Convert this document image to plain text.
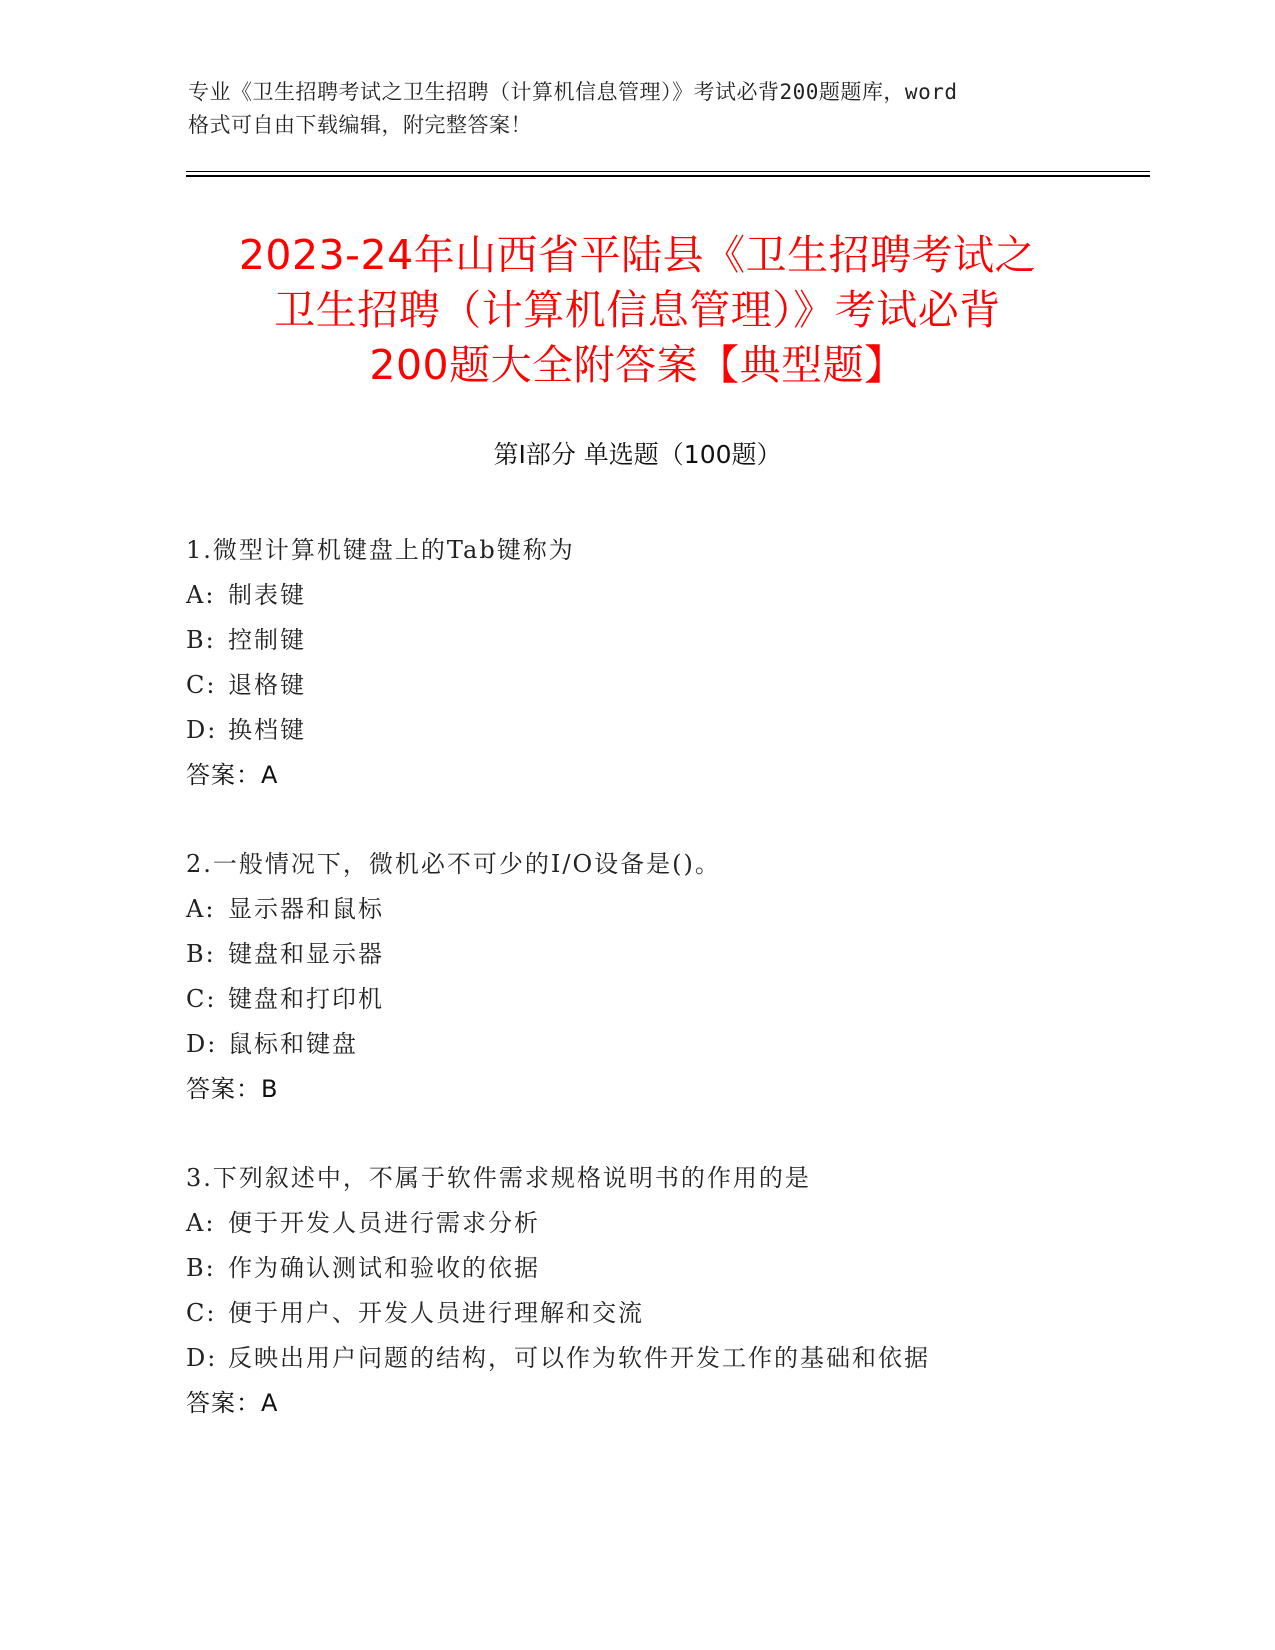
专业《卫生招聘考试之卫生招聘（计算机信息管理）》考试必背200题题库，word
格式可自由下载编辑，附完整答案！
2023-24年山西省平陆县《卫生招聘考试之
卫生招聘（计算机信息管理）》考试必背
200题大全附答案【典型题】
第Ⅰ部分 单选题（100题）
1.微型计算机键盘上的Tab键称为
A: 制表键
B: 控制键
C: 退格键
D: 换档键
答案：A
2.一般情况下，微机必不可少的I/O设备是()。
A: 显示器和鼠标
B: 键盘和显示器
C: 键盘和打印机
D: 鼠标和键盘
答案：B
3.下列叙述中，不属于软件需求规格说明书的作用的是
A: 便于开发人员进行需求分析
B: 作为确认测试和验收的依据
C: 便于用户、开发人员进行理解和交流
D: 反映出用户问题的结构，可以作为软件开发工作的基础和依据
答案：A
